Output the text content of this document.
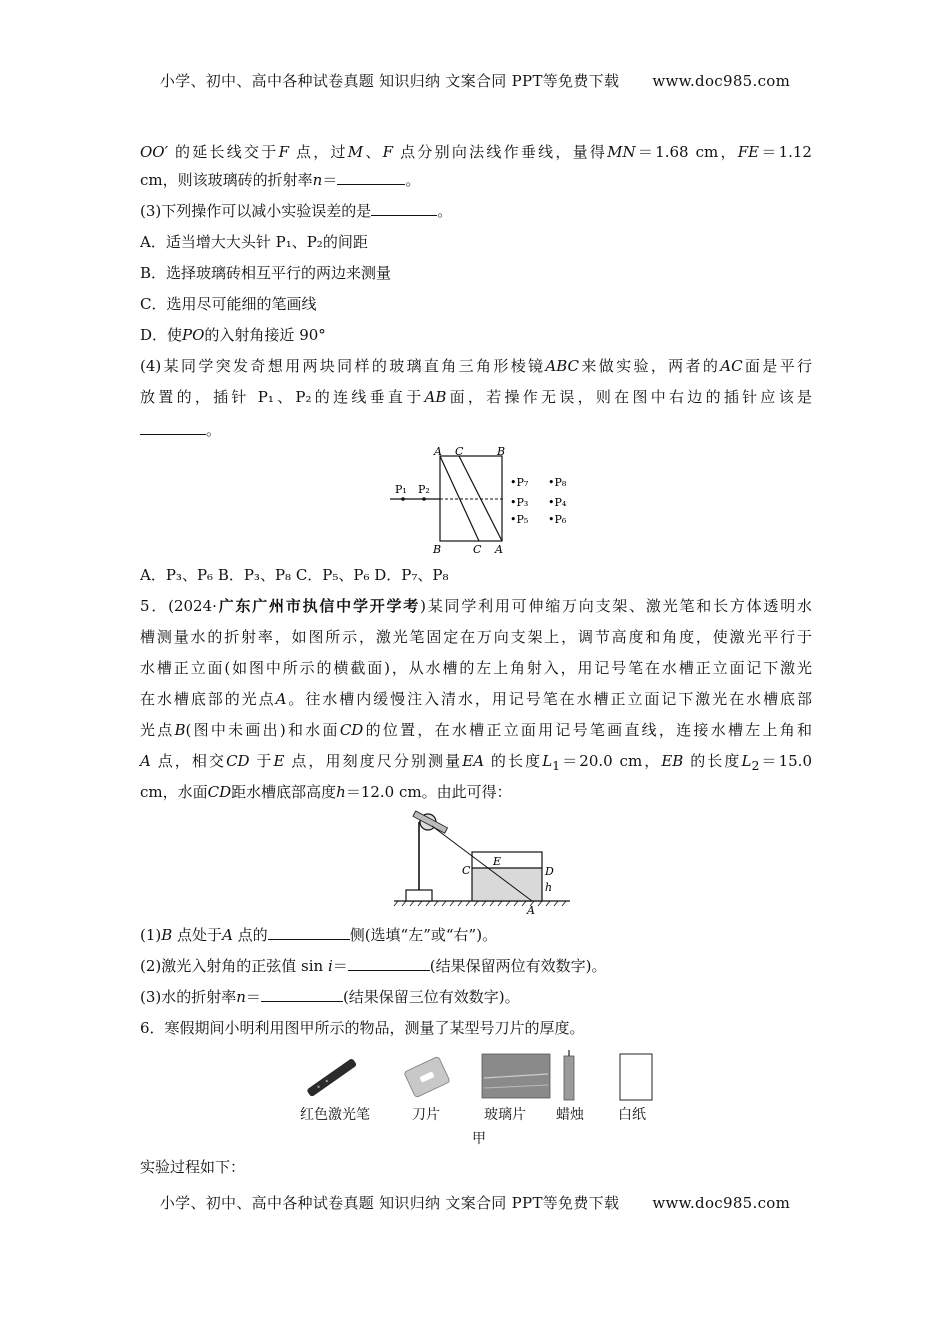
小学、初中、高中各种试卷真题 知识归纳 文案合同 PPT等免费下载 www.doc985.com
OO′ 的延长线交于F 点，过M、F 点分别向法线作垂线，量得MN＝1.68 cm，FE＝1.12
cm，则该玻璃砖的折射率n＝	。
(3)下列操作可以减小实验误差的是	。
A．适当增大大头针 P₁、P₂的间距
B．选择玻璃砖相互平行的两边来测量
C．选用尽可能细的笔画线
D．使PO的入射角接近 90°
(4)某同学突发奇想用两块同样的玻璃直角三角形棱镜ABC来做实验，两者的AC面是平行
放置的，插针 P₁、P₂的连线垂直于AB面，若操作无误，则在图中右边的插针应该是
。
A C	B
B	C A
P₁ P₂
•P₇ •P₈
•P₃ •P₄
•P₅ •P₆
A．P₃、P₆ B．P₃、P₈ C．P₅、P₆ D．P₇、P₈
5．(2024·广东广州市执信中学开学考)某同学利用可伸缩万向支架、激光笔和长方体透明水
槽测量水的折射率，如图所示，激光笔固定在万向支架上，调节高度和角度，使激光平行于
水槽正立面(如图中所示的横截面)，从水槽的左上角射入，用记号笔在水槽正立面记下激光
在水槽底部的光点A。往水槽内缓慢注入清水，用记号笔在水槽正立面记下激光在水槽底部
光点B(图中未画出)和水面CD的位置，在水槽正立面用记号笔画直线，连接水槽左上角和
A 点，相交CD 于E 点，用刻度尺分别测量EA 的长度$L_1=20.0$ cm，EB 的长度$L_2=15.0$
cm，水面CD距水槽底部高度h＝12.0 cm。由此可得：
C
E
D
h
A
(1)B 点处于A 点的	侧(选填“左”或“右”)。
(2)激光入射角的正弦值 sin i＝	(结果保留两位有效数字)。
(3)水的折射率n＝	(结果保留三位有效数字)。
6．寒假期间小明利用图甲所示的物品，测量了某型号刀片的厚度。
红色激光笔	刀片	玻璃片 蜡烛 白纸
甲
实验过程如下：
小学、初中、高中各种试卷真题 知识归纳 文案合同 PPT等免费下载 www.doc985.com
